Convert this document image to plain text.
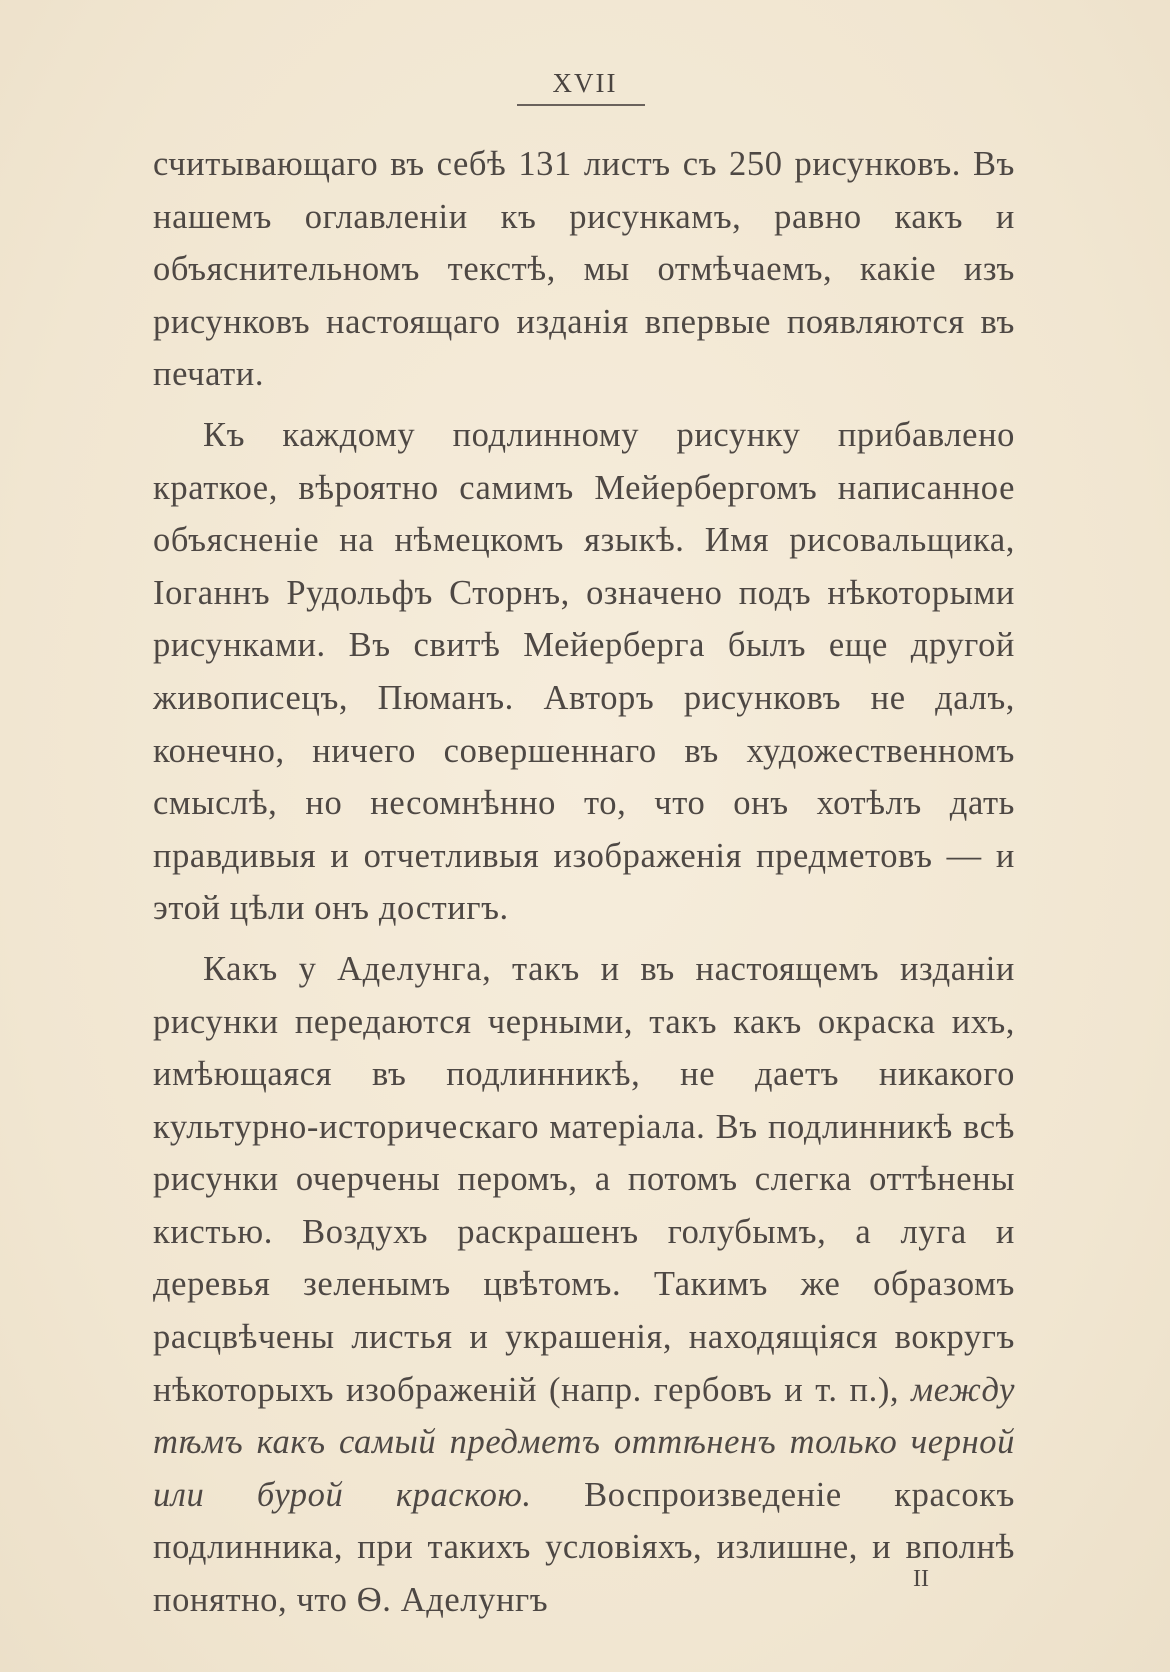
XVII

считывающаго въ себѣ 131 листъ съ 250 рисунковъ. Въ нашемъ оглавленіи къ рисункамъ, равно какъ и объяснительномъ текстѣ, мы отмѣчаемъ, какіе изъ рисунковъ настоящаго изданія впервые появляются въ печати.

Къ каждому подлинному рисунку прибавлено краткое, вѣроятно самимъ Мейербергомъ написанное объясненіе на нѣмецкомъ языкѣ. Имя рисовальщика, Іоганнъ Рудольфъ Сторнъ, означено подъ нѣкоторыми рисунками. Въ свитѣ Мейерберга былъ еще другой живописецъ, Пюманъ. Авторъ рисунковъ не далъ, конечно, ничего совершеннаго въ художественномъ смыслѣ, но несомнѣнно то, что онъ хотѣлъ дать правдивыя и отчетливыя изображенія предметовъ — и этой цѣли онъ достигъ.

Какъ у Аделунга, такъ и въ настоящемъ изданіи рисунки передаются черными, такъ какъ окраска ихъ, имѣющаяся въ подлинникѣ, не даетъ никакого культурно-историческаго матеріала. Въ подлинникѣ всѣ рисунки очерчены перомъ, а потомъ слегка оттѣнены кистью. Воздухъ раскрашенъ голубымъ, а луга и деревья зеленымъ цвѣтомъ. Такимъ же образомъ расцвѣчены листья и украшенія, находящіяся вокругъ нѣкоторыхъ изображеній (напр. гербовъ и т. п.), между тѣмъ какъ самый предметъ оттѣненъ только черной или бурой краскою. Воспроизведеніе красокъ подлинника, при такихъ условіяхъ, излишне, и вполнѣ понятно, что Ѳ. Аделунгъ

II
